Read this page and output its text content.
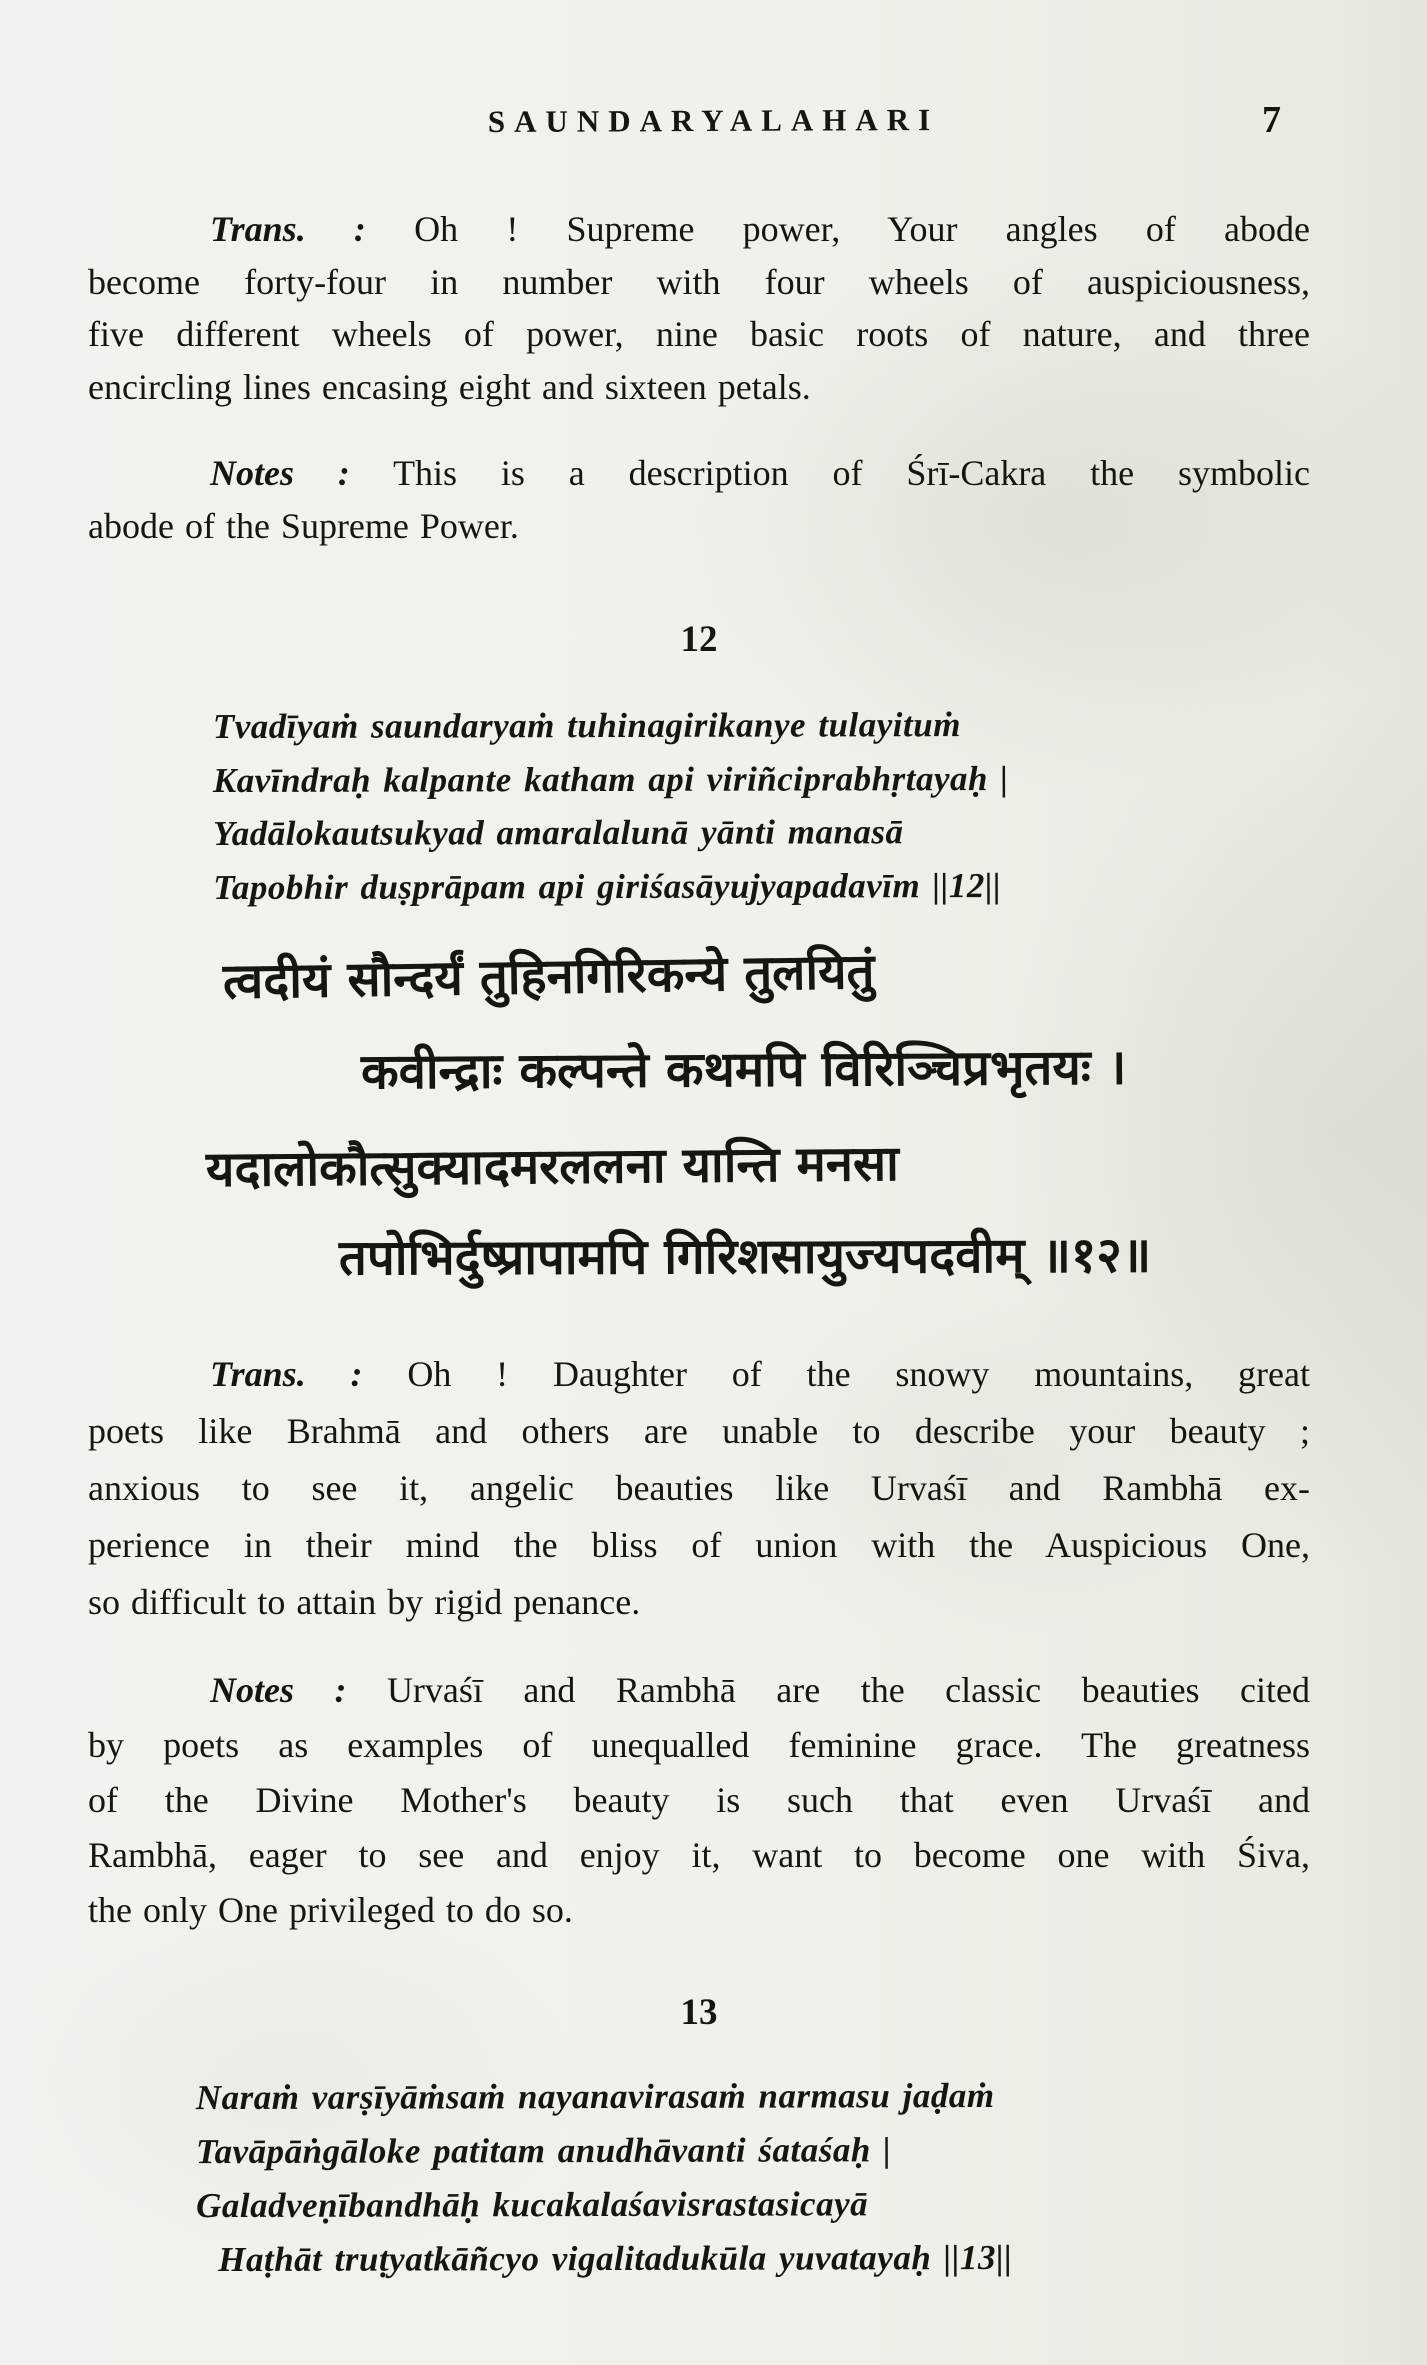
SAUNDARYALAHARI	7
Trans. : Oh ! Supreme power, Your angles of abode
become forty-four in number with four wheels of auspiciousness,
five different wheels of power, nine basic roots of nature, and three
encircling lines encasing eight and sixteen petals.
Notes : This is a description of Śrī-Cakra the symbolic
abode of the Supreme Power.
12
Tvadīyaṁ saundaryaṁ tuhinagirikanye tulayituṁ
Kavīndraḥ kalpante katham api viriñciprabhṛtayaḥ |
Yadālokautsukyad amaralalunā yānti manasā
Tapobhir duṣprāpam api giriśasāyujyapadavīm ||12||
त्वदीयं सौन्दर्यं तुहिनगिरिकन्ये तुलयितुं
कवीन्द्राः कल्पन्ते कथमपि विरिञ्चिप्रभृतयः ।
यदालोकौत्सुक्यादमरललना यान्ति मनसा
तपोभिर्दुष्प्रापामपि गिरिशसायुज्यपदवीम् ॥१२॥
Trans. : Oh ! Daughter of the snowy mountains, great
poets like Brahmā and others are unable to describe your beauty ;
anxious to see it, angelic beauties like Urvaśī and Rambhā ex-
perience in their mind the bliss of union with the Auspicious One,
so difficult to attain by rigid penance.
Notes : Urvaśī and Rambhā are the classic beauties cited
by poets as examples of unequalled feminine grace. The greatness
of the Divine Mother's beauty is such that even Urvaśī and
Rambhā, eager to see and enjoy it, want to become one with Śiva,
the only One privileged to do so.
13
Naraṁ varṣīyāṁsaṁ nayanavirasaṁ narmasu jaḍaṁ
Tavāpāṅgāloke patitam anudhāvanti śataśaḥ |
Galadveṇībandhāḥ kucakalaśavisrastasicayā
Haṭhāt truṭyatkāñcyo vigalitadukūla yuvatayaḥ ||13||
